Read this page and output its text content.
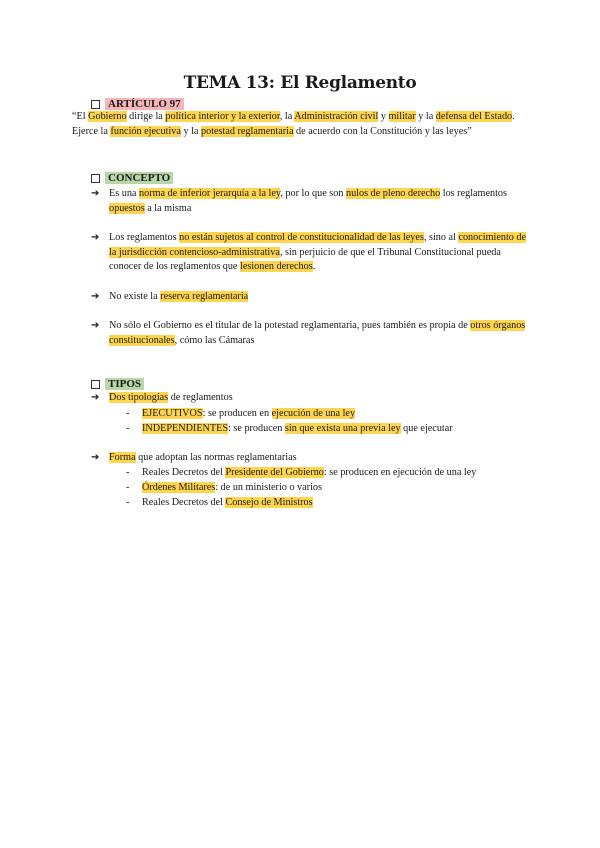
TEMA 13: El Reglamento
ARTÍCULO 97
“El Gobierno dirige la política interior y la exterior, la Administración civil y militar y la defensa del Estado. Ejerce la función ejecutiva y la potestad reglamentaria de acuerdo con la Constitución y las leyes”
CONCEPTO
➔ Es una norma de inferior jerarquía a la ley, por lo que son nulos de pleno derecho los reglamentos opuestos a la misma
➔ Los reglamentos no están sujetos al control de constitucionalidad de las leyes, sino al conocimiento de la jurisdicción contencioso-administrativa, sin perjuicio de que el Tribunal Constitucional pueda conocer de los reglamentos que lesionen derechos.
➔ No existe la reserva reglamentaria
➔ No sólo el Gobierno es el titular de la potestad reglamentaria, pues también es propia de otros órganos constitucionales, cómo las Cámaras
TIPOS
➔ Dos tipologías de reglamentos
-	EJECUTIVOS: se producen en ejecución de una ley
-	INDEPENDIENTES: se producen sin que exista una previa ley que ejecutar
➔ Forma que adoptan las normas reglamentarias
-	Reales Decretos del Presidente del Gobierno: se producen en ejecución de una ley
-	Órdenes Militares: de un ministerio o varios
-	Reales Decretos del Consejo de Ministros
